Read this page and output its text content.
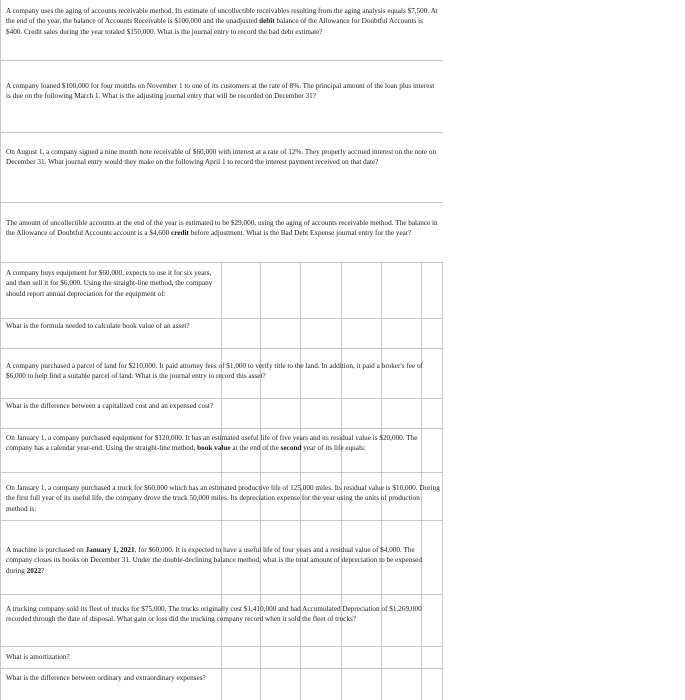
A company uses the aging of accounts receivable method. Its estimate of uncollectible receivables resulting from the aging analysis equals $7,500. At the end of the year, the balance of Accounts Receivable is $100,000 and the unadjusted debit balance of the Allowance for Doubtful Accounts is $400. Credit sales during the year totaled $150,000. What is the journal entry to record the bad debt estimate?
A company loaned $100,000 for four months on November 1 to one of its customers at the rate of 8%. The principal amount of the loan plus interest is due on the following March 1. What is the adjusting journal entry that will be recorded on December 31?
On August 1, a company signed a nine month note receivable of $60,000 with interest at a rate of 12%. They properly accrued interest on the note on December 31. What journal entry would they make on the following April 1 to record the interest payment received on that date?
The amount of uncollectible accounts at the end of the year is estimated to be $29,000, using the aging of accounts receivable method. The balance in the Allowance of Doubtful Accounts account is a $4,600 credit before adjustment. What is the Bad Debt Expense journal entry for the year?
A company buys equipment for $60,000, expects to use it for six years, and then sell it for $6,000. Using the straight-line method, the company should report annual depreciation for the equipment of:
What is the formula needed to calculate book value of an asset?
A company purchased a parcel of land for $210,000. It paid attorney fees of $1,000 to verify title to the land. In addition, it paid a broker's fee of $6,000 to help find a suitable parcel of land. What is the journal entry to record this asset?
What is the difference between a capitalized cost and an expensed cost?
On January 1, a company purchased equipment for $120,000. It has an estimated useful life of five years and its residual value is $20,000. The company has a calendar year-end. Using the straight-line method, book value at the end of the second year of its life equals:
On January 1, a company purchased a truck for $60,000 which has an estimated productive life of 125,000 miles. Its residual value is $10,000. During the first full year of its useful life, the company drove the truck 50,000 miles. Its depreciation expense for the year using the units of production method is:
A machine is purchased on January 1, 2021, for $60,000. It is expected to have a useful life of four years and a residual value of $4,000. The company closes its books on December 31. Under the double-declining balance method, what is the total amount of depreciation to be expensed during 2022?
A trucking company sold its fleet of trucks for $75,000. The trucks originally cost $1,410,000 and had Accumulated Depreciation of $1,269,000 recorded through the date of disposal. What gain or loss did the trucking company record when it sold the fleet of trucks?
What is amortization?
What is the difference between ordinary and extraordinary expenses?
